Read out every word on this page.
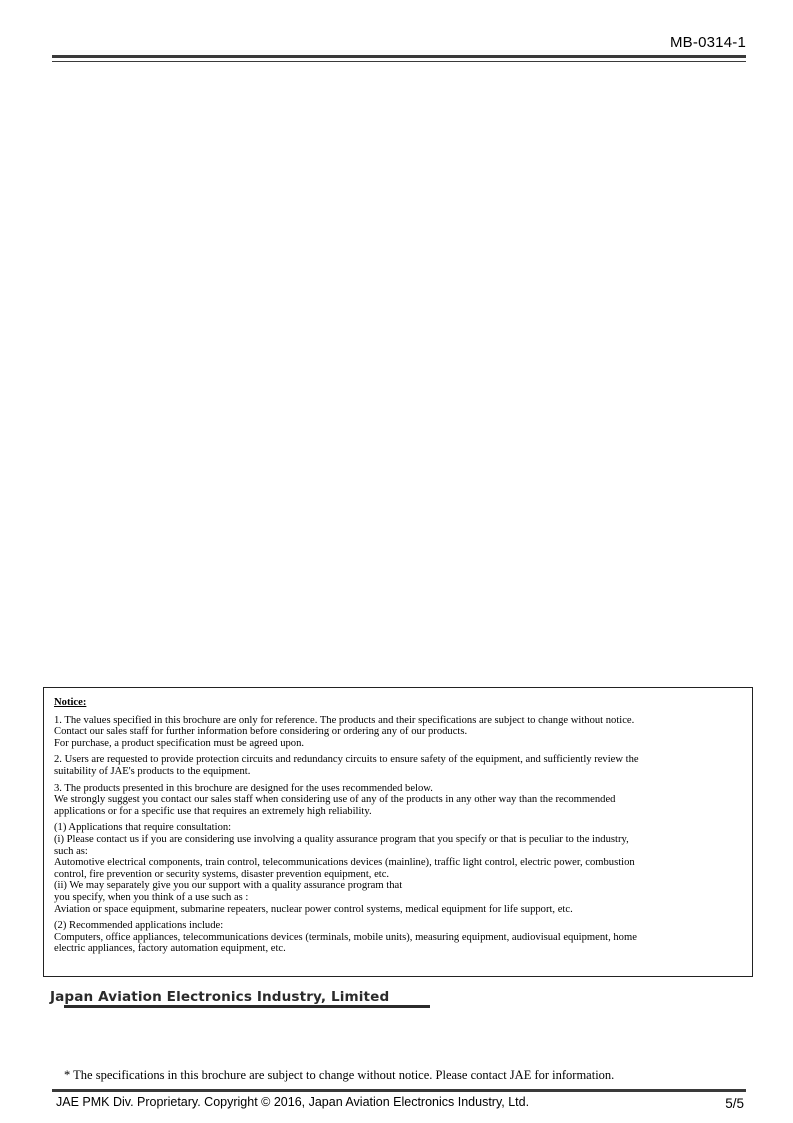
MB-0314-1
Notice:
1. The values specified in this brochure are only for reference. The products and their specifications are subject to change without notice.
Contact our sales staff for further information before considering or ordering any of our products.
For purchase, a product specification must be agreed upon.
2. Users are requested to provide protection circuits and redundancy circuits to ensure safety of the equipment, and sufficiently review the
suitability of JAE's products to the equipment.
3. The products presented in this brochure are designed for the uses recommended below.
We strongly suggest you contact our sales staff when considering use of any of the products in any other way than the recommended
applications or for a specific use that requires an extremely high reliability.
(1) Applications that require consultation:
(i) Please contact us if you are considering use involving a quality assurance program that you specify or that is peculiar to the industry,
such as:
Automotive electrical components, train control, telecommunications devices (mainline), traffic light control, electric power, combustion
control, fire prevention or security systems, disaster prevention equipment, etc.
(ii) We may separately give you our support with a quality assurance program that
you specify, when you think of a use such as :
Aviation or space equipment, submarine repeaters, nuclear power control systems, medical equipment for life support, etc.
(2) Recommended applications include:
Computers, office appliances, telecommunications devices (terminals, mobile units), measuring equipment, audiovisual equipment, home
electric appliances, factory automation equipment, etc.
Japan Aviation Electronics Industry, Limited
* The specifications in this brochure are subject to change without notice. Please contact JAE for information.
JAE PMK Div. Proprietary. Copyright © 2016, Japan Aviation Electronics Industry, Ltd.	5/5
